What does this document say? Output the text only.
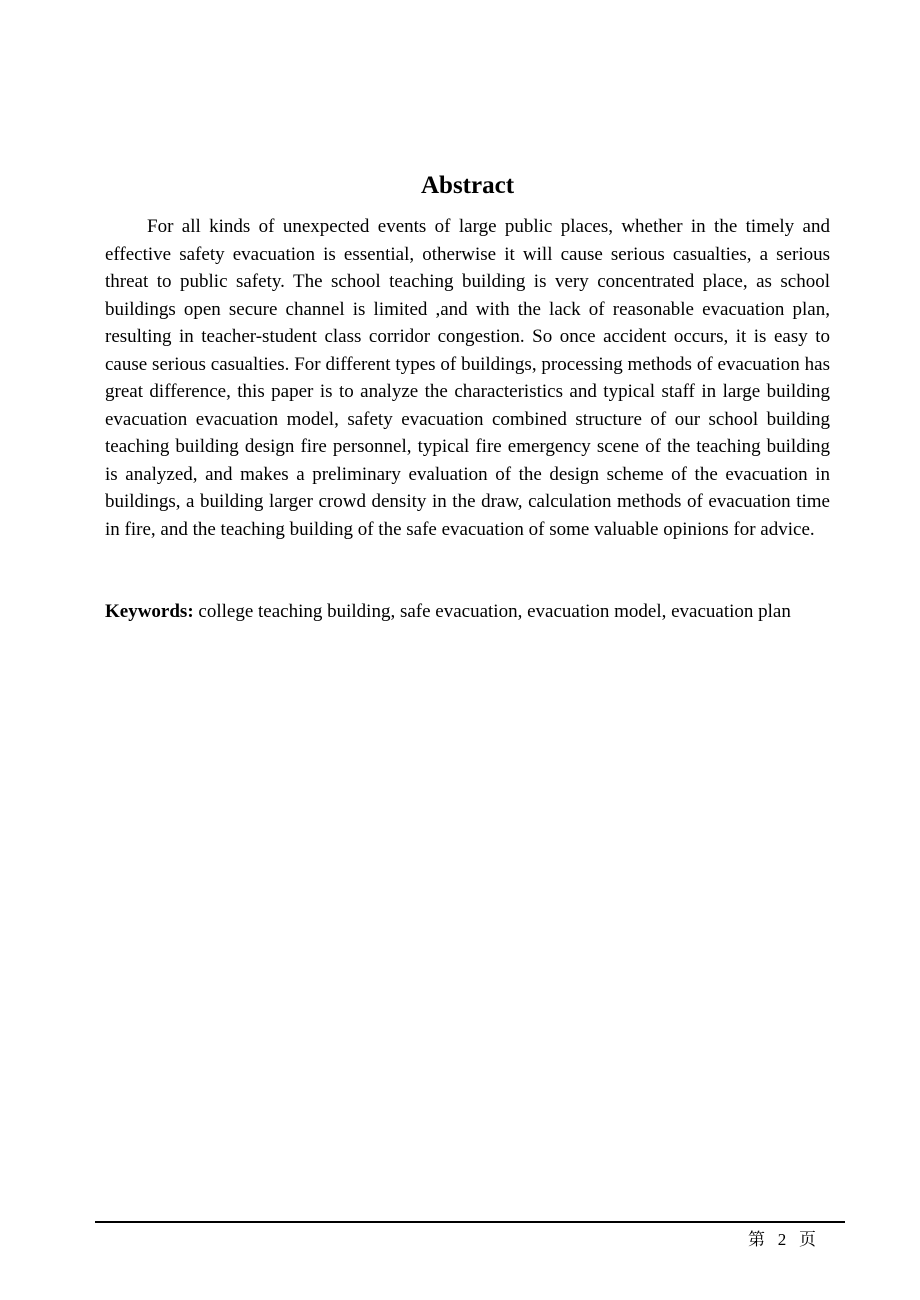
Abstract

For all kinds of unexpected events of large public places, whether in the timely and effective safety evacuation is essential, otherwise it will cause serious casualties, a serious threat to public safety. The school teaching building is very concentrated place, as school buildings open secure channel is limited ,and with the lack of reasonable evacuation plan, resulting in teacher-student class corridor congestion. So once accident occurs, it is easy to cause serious casualties. For different types of buildings, processing methods of evacuation has great difference, this paper is to analyze the characteristics and typical staff in large building evacuation evacuation model, safety evacuation combined structure of our school building teaching building design fire personnel, typical fire emergency scene of the teaching building is analyzed, and makes a preliminary evaluation of the design scheme of the evacuation in buildings, a building larger crowd density in the draw, calculation methods of evacuation time in fire, and the teaching building of the safe evacuation of some valuable opinions for advice.

Keywords: college teaching building, safe evacuation, evacuation model, evacuation plan

第   2   页
